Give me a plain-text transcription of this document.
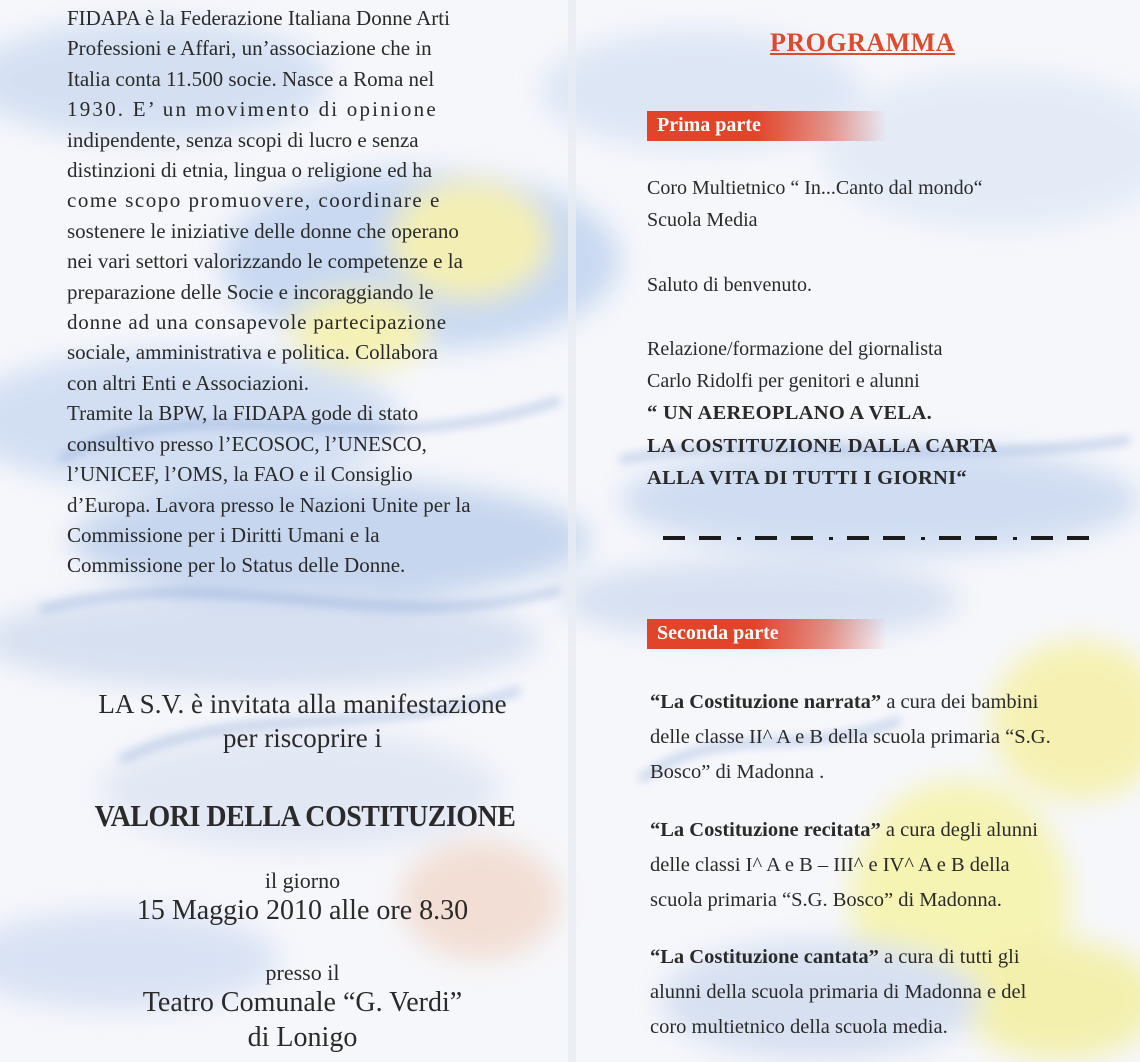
FIDAPA è la Federazione Italiana Donne Arti
Professioni e Affari, un’associazione che in
Italia conta 11.500 socie. Nasce a Roma nel
1930. E’ un movimento di opinione
indipendente, senza scopi di lucro e senza
distinzioni di etnia, lingua o religione ed ha
come scopo promuovere, coordinare e
sostenere le iniziative delle donne che operano
nei vari settori valorizzando le competenze e la
preparazione delle Socie e incoraggiando le
donne ad una consapevole partecipazione
sociale, amministrativa e politica. Collabora
con altri Enti e Associazioni.
Tramite la BPW, la FIDAPA gode di stato
consultivo presso l’ECOSOC, l’UNESCO,
l’UNICEF, l’OMS, la FAO e il Consiglio
d’Europa. Lavora presso le Nazioni Unite per la
Commissione per i Diritti Umani e la
Commissione per lo Status delle Donne.
LA S.V. è invitata alla manifestazione
per riscoprire i
VALORI DELLA COSTITUZIONE
il giorno
15 Maggio 2010 alle ore 8.30
presso il
Teatro Comunale “G. Verdi”
di Lonigo
PROGRAMMA
Prima parte

Coro Multietnico “ In...Canto dal mondo“

Scuola Media

Saluto di benvenuto.

Relazione/formazione del giornalista

Carlo Ridolfi per genitori e alunni

“ UN AEREOPLANO A VELA.

LA COSTITUZIONE DALLA CARTA

ALLA VITA DI TUTTI I GIORNI“

Seconda parte

“La Costituzione narrata” a cura dei bambini
delle classe II^ A e B della scuola primaria “S.G.
Bosco” di Madonna .

“La Costituzione recitata” a cura degli alunni
delle classi I^ A e B – III^ e IV^ A e B della
scuola primaria “S.G. Bosco” di Madonna.

“La Costituzione cantata” a cura di tutti gli
alunni della scuola primaria di Madonna e del
coro multietnico della scuola media.
